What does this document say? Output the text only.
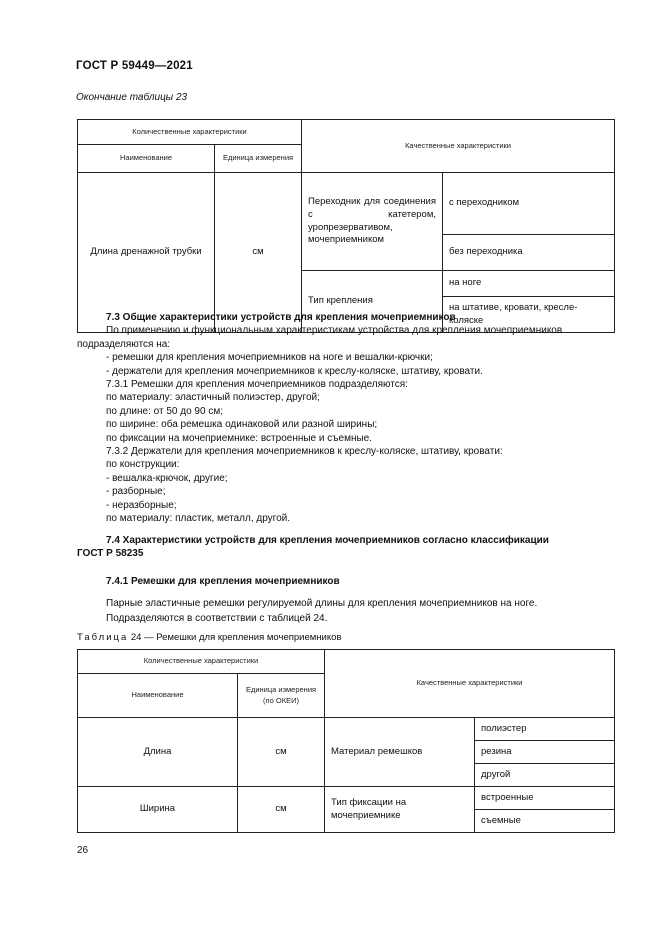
ГОСТ Р 59449—2021
Окончание таблицы 23
Количественные характеристики		Качественные характеристики	
Наименование	Единица измерения		
Длина дренажной трубки	см	Переходник для соединения с катетером, уропрезервативом, мочеприемником	с переходником
			без переходника
		Тип крепления	на ноге
			на штативе, кровати, кресле-коляске

7.3 Общие характеристики устройств для крепления мочеприемников

По применению и функциональным характеристикам устройства для крепления мочеприемников подразделяются на:

- ремешки для крепления мочеприемников на ноге и вешалки-крючки;

- держатели для крепления мочеприемников к креслу-коляске, штативу, кровати.

7.3.1 Ремешки для крепления мочеприемников подразделяются:

по материалу: эластичный полиэстер, другой;

по длине: от 50 до 90 см;

по ширине: оба ремешка одинаковой или разной ширины;

по фиксации на мочеприемнике: встроенные и съемные.

7.3.2 Держатели для крепления мочеприемников к креслу-коляске, штативу, кровати:

по конструкции:

- вешалка-крючок, другие;

- разборные;

- неразборные;

по материалу: пластик, металл, другой.

7.4 Характеристики устройств для крепления мочеприемников согласно классификации

ГОСТ Р 58235

7.4.1 Ремешки для крепления мочеприемников

Парные эластичные ремешки регулируемой длины для крепления мочеприемников на ноге.

Подразделяются в соответствии с таблицей 24.

Таблица 24 — Ремешки для крепления мочеприемников
Количественные характеристики		Качественные характеристики	
Наименование	Единица измерения (по ОКЕИ)		
Длина	см	Материал ремешков	полиэстер
			резина
			другой
Ширина	см	Тип фиксации на мочеприемнике	встроенные
			съемные
26
